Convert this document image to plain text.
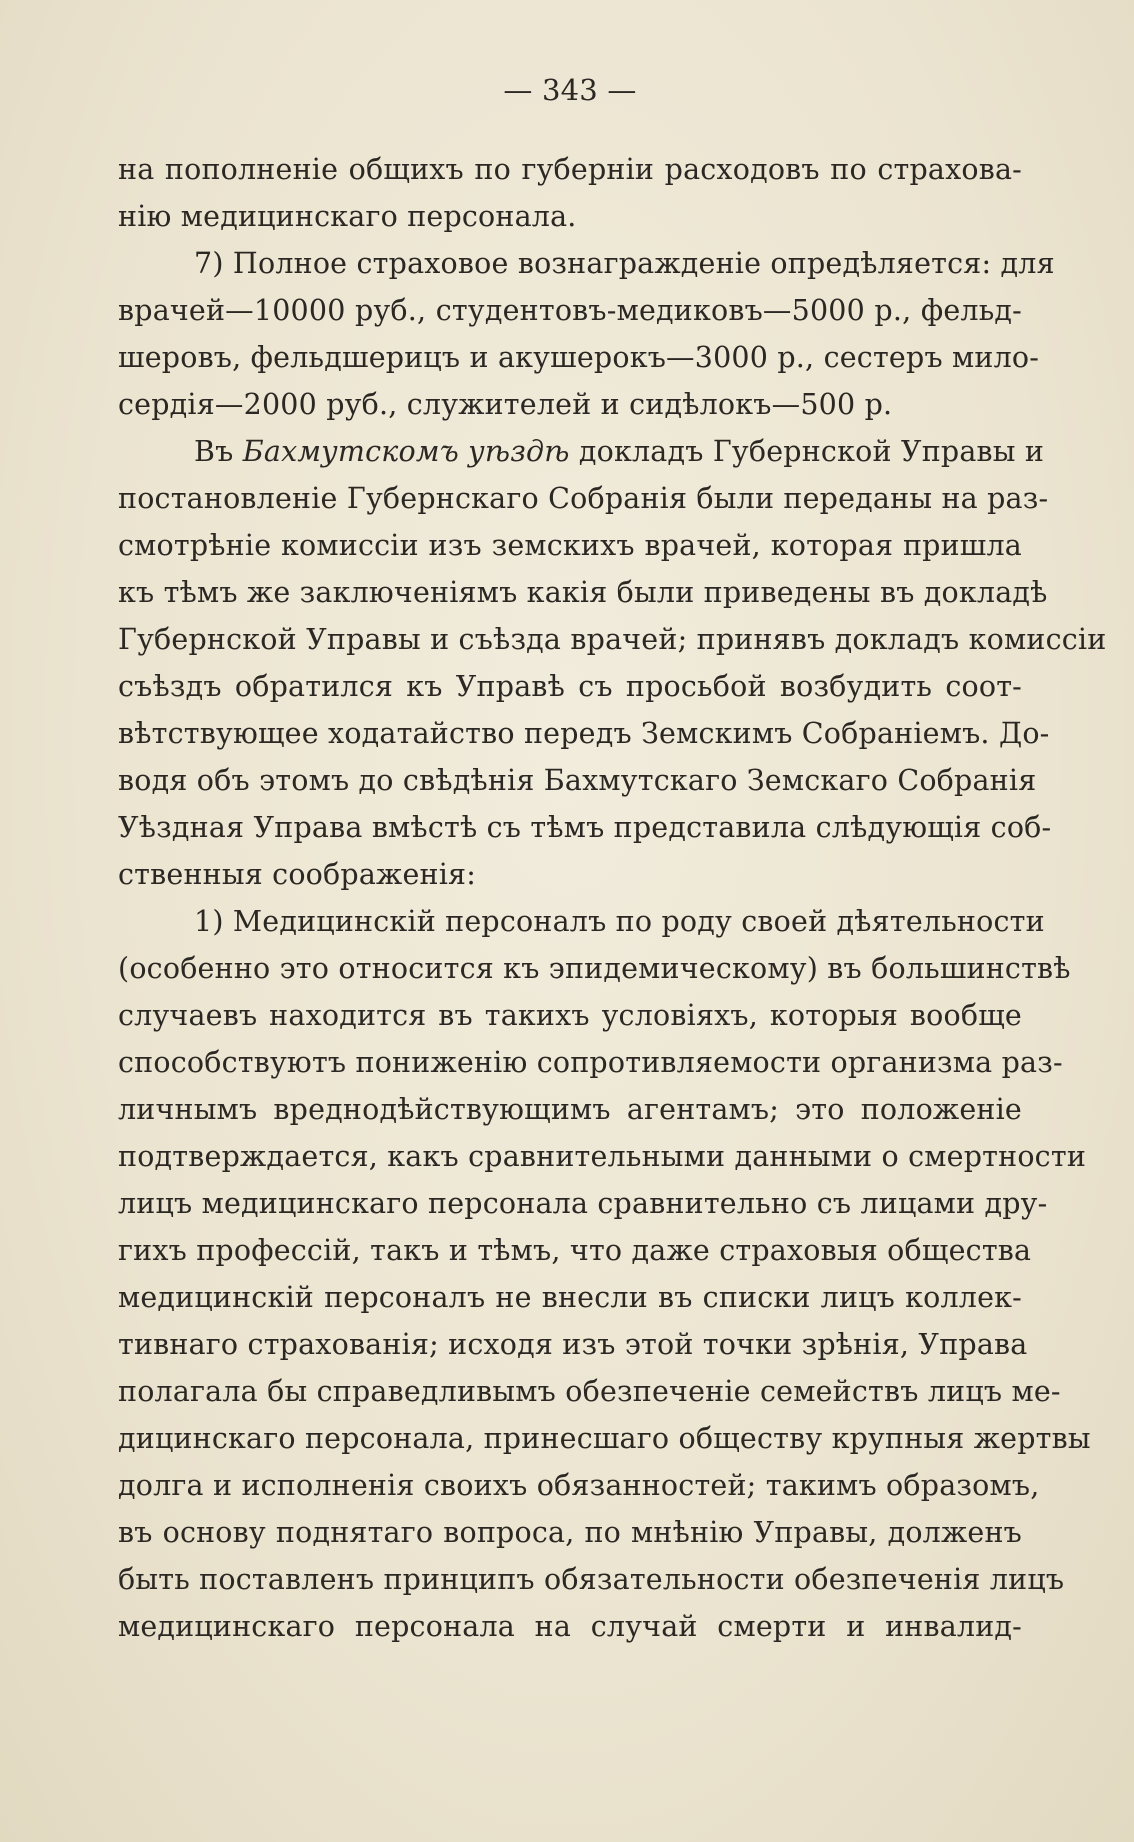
— 343 —
на пополненіе общихъ по губерніи расходовъ по страхова-
нію медицинскаго персонала.
7) Полное страховое вознагражденіе опредѣляется: для
врачей—10000 руб., студентовъ-медиковъ—5000 р., фельд-
шеровъ, фельдшерицъ и акушерокъ—3000 р., сестеръ мило-
сердія—2000 руб., служителей и сидѣлокъ—500 р.
Въ Бахмутскомъ уѣздѣ докладъ Губернской Управы и
постановленіе Губернскаго Собранія были переданы на раз-
смотрѣніе комиссіи изъ земскихъ врачей, которая пришла
къ тѣмъ же заключеніямъ какія были приведены въ докладѣ
Губернской Управы и съѣзда врачей; принявъ докладъ комиссіи
съѣздъ обратился къ Управѣ съ просьбой возбудить соот-
вѣтствующее ходатайство передъ Земскимъ Собраніемъ. До-
водя объ этомъ до свѣдѣнія Бахмутскаго Земскаго Собранія
Уѣздная Управа вмѣстѣ съ тѣмъ представила слѣдующія соб-
ственныя соображенія:
1) Медицинскій персоналъ по роду своей дѣятельности
(особенно это относится къ эпидемическому) въ большинствѣ
случаевъ находится въ такихъ условіяхъ, которыя вообще
способствуютъ пониженію сопротивляемости организма раз-
личнымъ вреднодѣйствующимъ агентамъ; это положеніе
подтверждается, какъ сравнительными данными о смертности
лицъ медицинскаго персонала сравнительно съ лицами дру-
гихъ профессій, такъ и тѣмъ, что даже страховыя общества
медицинскій персоналъ не внесли въ списки лицъ коллек-
тивнаго страхованія; исходя изъ этой точки зрѣнія, Управа
полагала бы справедливымъ обезпеченіе семействъ лицъ ме-
дицинскаго персонала, принесшаго обществу крупныя жертвы
долга и исполненія своихъ обязанностей; такимъ образомъ,
въ основу поднятаго вопроса, по мнѣнію Управы, долженъ
быть поставленъ принципъ обязательности обезпеченія лицъ
медицинскаго персонала на случай смерти и инвалид-
